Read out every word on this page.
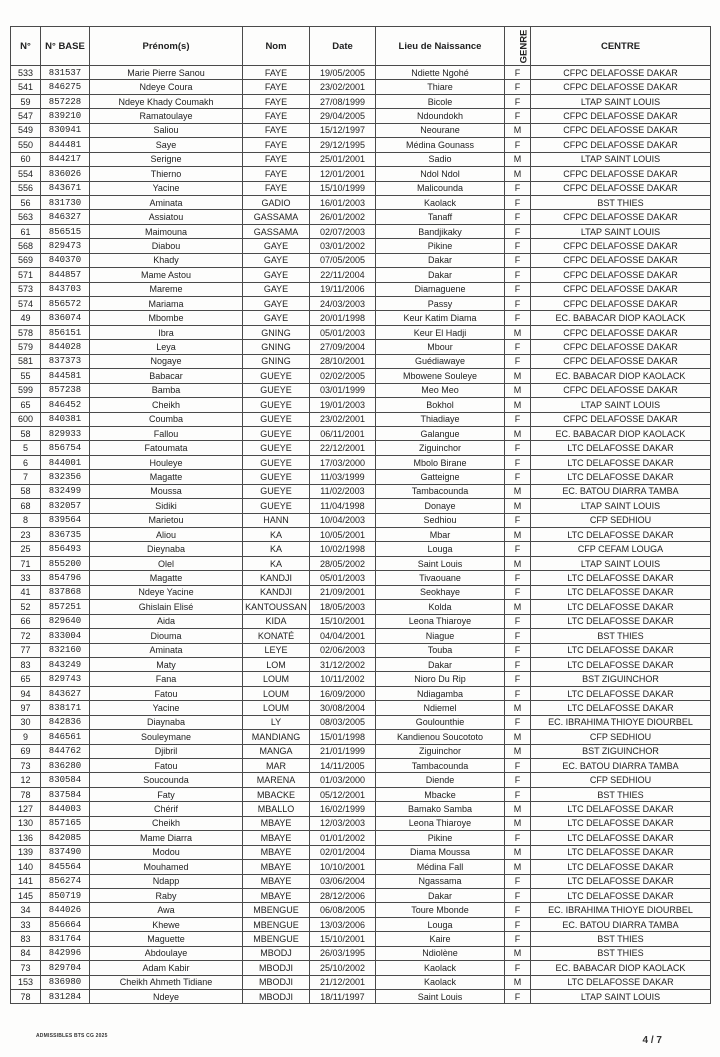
N°	N° BASE	Prénom(s)	Nom	Date	Lieu de Naissance	GENRE	CENTRE
533	831537	Marie Pierre Sanou	FAYE	19/05/2005	Ndiette Ngohé	F	CFPC DELAFOSSE DAKAR
541	846275	Ndeye Coura	FAYE	23/02/2001	Thiare	F	CFPC DELAFOSSE DAKAR
59	857228	Ndeye Khady Coumakh	FAYE	27/08/1999	Bicole	F	LTAP SAINT LOUIS
547	839210	Ramatoulaye	FAYE	29/04/2005	Ndoundokh	F	CFPC DELAFOSSE DAKAR
549	830941	Saliou	FAYE	15/12/1997	Neourane	M	CFPC DELAFOSSE DAKAR
550	844481	Saye	FAYE	29/12/1995	Médina Gounass	F	CFPC DELAFOSSE DAKAR
60	844217	Serigne	FAYE	25/01/2001	Sadio	M	LTAP SAINT LOUIS
554	836026	Thierno	FAYE	12/01/2001	Ndol Ndol	M	CFPC DELAFOSSE DAKAR
556	843671	Yacine	FAYE	15/10/1999	Malicounda	F	CFPC DELAFOSSE DAKAR
56	831730	Aminata	GADIO	16/01/2003	Kaolack	F	BST THIES
563	846327	Assiatou	GASSAMA	26/01/2002	Tanaff	F	CFPC DELAFOSSE DAKAR
61	856515	Maimouna	GASSAMA	02/07/2003	Bandjikaky	F	LTAP SAINT LOUIS
568	829473	Diabou	GAYE	03/01/2002	Pikine	F	CFPC DELAFOSSE DAKAR
569	840370	Khady	GAYE	07/05/2005	Dakar	F	CFPC DELAFOSSE DAKAR
571	844857	Mame Astou	GAYE	22/11/2004	Dakar	F	CFPC DELAFOSSE DAKAR
573	843703	Mareme	GAYE	19/11/2006	Diamaguene	F	CFPC DELAFOSSE DAKAR
574	856572	Mariama	GAYE	24/03/2003	Passy	F	CFPC DELAFOSSE DAKAR
49	836074	Mbombe	GAYE	20/01/1998	Keur Katim Diama	F	EC. BABACAR DIOP KAOLACK
578	856151	Ibra	GNING	05/01/2003	Keur El Hadji	M	CFPC DELAFOSSE DAKAR
579	844028	Leya	GNING	27/09/2004	Mbour	F	CFPC DELAFOSSE DAKAR
581	837373	Nogaye	GNING	28/10/2001	Guédiawaye	F	CFPC DELAFOSSE DAKAR
55	844581	Babacar	GUEYE	02/02/2005	Mbowene Souleye	M	EC. BABACAR DIOP KAOLACK
599	857238	Bamba	GUEYE	03/01/1999	Meo Meo	M	CFPC DELAFOSSE DAKAR
65	846452	Cheikh	GUEYE	19/01/2003	Bokhol	M	LTAP SAINT LOUIS
600	840381	Coumba	GUEYE	23/02/2001	Thiadiaye	F	CFPC DELAFOSSE DAKAR
58	829933	Fallou	GUEYE	06/11/2001	Galangue	M	EC. BABACAR DIOP KAOLACK
5	856754	Fatoumata	GUEYE	22/12/2001	Ziguinchor	F	LTC DELAFOSSE DAKAR
6	844001	Houleye	GUEYE	17/03/2000	Mbolo Birane	F	LTC DELAFOSSE DAKAR
7	832356	Magatte	GUEYE	11/03/1999	Gatteigne	F	LTC DELAFOSSE DAKAR
58	832499	Moussa	GUEYE	11/02/2003	Tambacounda	M	EC. BATOU DIARRA TAMBA
68	832057	Sidiki	GUEYE	11/04/1998	Donaye	M	LTAP SAINT LOUIS
8	839564	Marietou	HANN	10/04/2003	Sedhiou	F	CFP SEDHIOU
23	836735	Aliou	KA	10/05/2001	Mbar	M	LTC DELAFOSSE DAKAR
25	856493	Dieynaba	KA	10/02/1998	Louga	F	CFP CEFAM LOUGA
71	855200	Olel	KA	28/05/2002	Saint Louis	M	LTAP SAINT LOUIS
33	854796	Magatte	KANDJI	05/01/2003	Tivaouane	F	LTC DELAFOSSE DAKAR
41	837868	Ndeye Yacine	KANDJI	21/09/2001	Seokhaye	F	LTC DELAFOSSE DAKAR
52	857251	Ghislain Elisé	KANTOUSSAN	18/05/2003	Kolda	M	LTC DELAFOSSE DAKAR
66	829640	Aida	KIDA	15/10/2001	Leona Thiaroye	F	LTC DELAFOSSE DAKAR
72	833004	Diouma	KONATÉ	04/04/2001	Niague	F	BST THIES
77	832160	Aminata	LEYE	02/06/2003	Touba	F	LTC DELAFOSSE DAKAR
83	843249	Maty	LOM	31/12/2002	Dakar	F	LTC DELAFOSSE DAKAR
65	829743	Fana	LOUM	10/11/2002	Nioro Du Rip	F	BST ZIGUINCHOR
94	843627	Fatou	LOUM	16/09/2000	Ndiagamba	F	LTC DELAFOSSE DAKAR
97	838171	Yacine	LOUM	30/08/2004	Ndiemel	M	LTC DELAFOSSE DAKAR
30	842836	Diaynaba	LY	08/03/2005	Goulounthie	F	EC. IBRAHIMA THIOYE DIOURBEL
9	846561	Souleymane	MANDIANG	15/01/1998	Kandienou Soucototo	M	CFP SEDHIOU
69	844762	Djibril	MANGA	21/01/1999	Ziguinchor	M	BST ZIGUINCHOR
73	836280	Fatou	MAR	14/11/2005	Tambacounda	F	EC. BATOU DIARRA TAMBA
12	830584	Soucounda	MARENA	01/03/2000	Diende	F	CFP SEDHIOU
78	837584	Faty	MBACKE	05/12/2001	Mbacke	F	BST THIES
127	844003	Chérif	MBALLO	16/02/1999	Bamako Samba	M	LTC DELAFOSSE DAKAR
130	857165	Cheikh	MBAYE	12/03/2003	Leona Thiaroye	M	LTC DELAFOSSE DAKAR
136	842085	Mame Diarra	MBAYE	01/01/2002	Pikine	F	LTC DELAFOSSE DAKAR
139	837490	Modou	MBAYE	02/01/2004	Diama Moussa	M	LTC DELAFOSSE DAKAR
140	845564	Mouhamed	MBAYE	10/10/2001	Médina Fall	M	LTC DELAFOSSE DAKAR
141	856274	Ndapp	MBAYE	03/06/2004	Ngassama	F	LTC DELAFOSSE DAKAR
145	850719	Raby	MBAYE	28/12/2006	Dakar	F	LTC DELAFOSSE DAKAR
34	844026	Awa	MBENGUE	06/08/2005	Toure Mbonde	F	EC. IBRAHIMA THIOYE DIOURBEL
33	856664	Khewe	MBENGUE	13/03/2006	Louga	F	EC. BATOU DIARRA TAMBA
83	831764	Maguette	MBENGUE	15/10/2001	Kaire	F	BST THIES
84	842996	Abdoulaye	MBODJ	26/03/1995	Ndiolène	M	BST THIES
73	829704	Adam Kabir	MBODJI	25/10/2002	Kaolack	F	EC. BABACAR DIOP KAOLACK
153	836980	Cheikh Ahmeth Tidiane	MBODJI	21/12/2001	Kaolack	M	LTC DELAFOSSE DAKAR
78	831284	Ndeye	MBODJI	18/11/1997	Saint Louis	F	LTAP SAINT LOUIS
ADMISSIBLES BTS CG 2025	4 / 7
